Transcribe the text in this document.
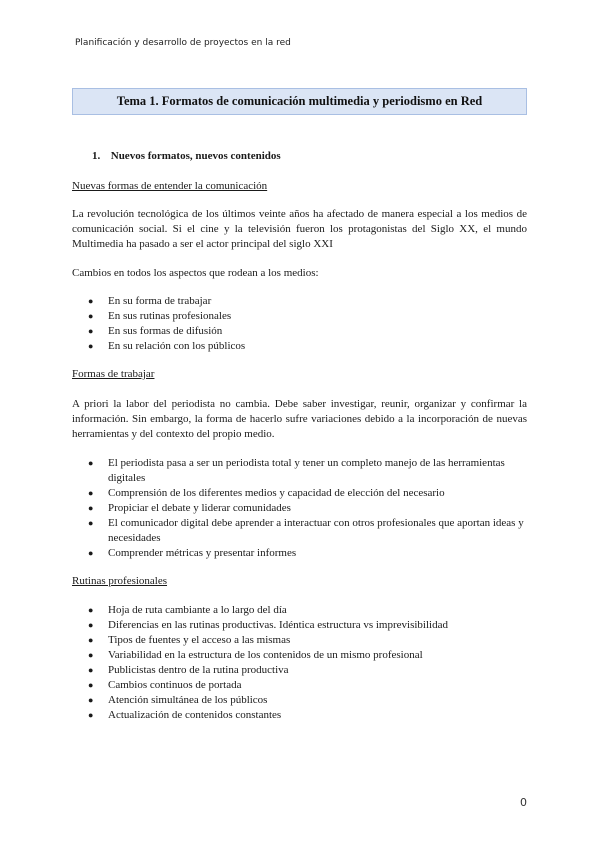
Planificación y desarrollo de proyectos en la red
Tema 1. Formatos de comunicación multimedia y periodismo en Red
1. Nuevos formatos, nuevos contenidos
Nuevas formas de entender la comunicación
La revolución tecnológica de los últimos veinte años ha afectado de manera especial a los medios de comunicación social. Si el cine y la televisión fueron los protagonistas del Siglo XX, el mundo Multimedia ha pasado a ser el actor principal del siglo XXI
Cambios en todos los aspectos que rodean a los medios:
● En su forma de trabajar
● En sus rutinas profesionales
● En sus formas de difusión
● En su relación con los públicos
Formas de trabajar
A priori la labor del periodista no cambia. Debe saber investigar, reunir, organizar y confirmar la información. Sin embargo, la forma de hacerlo sufre variaciones debido a la incorporación de nuevas herramientas y del contexto del propio medio.
● El periodista pasa a ser un periodista total y tener un completo manejo de las herramientas digitales
● Comprensión de los diferentes medios y capacidad de elección del necesario
● Propiciar el debate y liderar comunidades
● El comunicador digital debe aprender a interactuar con otros profesionales que aportan ideas y necesidades
● Comprender métricas y presentar informes
Rutinas profesionales
● Hoja de ruta cambiante a lo largo del día
● Diferencias en las rutinas productivas. Idéntica estructura vs imprevisibilidad
● Tipos de fuentes y el acceso a las mismas
● Variabilidad en la estructura de los contenidos de un mismo profesional
● Publicistas dentro de la rutina productiva
● Cambios continuos de portada
● Atención simultánea de los públicos
● Actualización de contenidos constantes
0
